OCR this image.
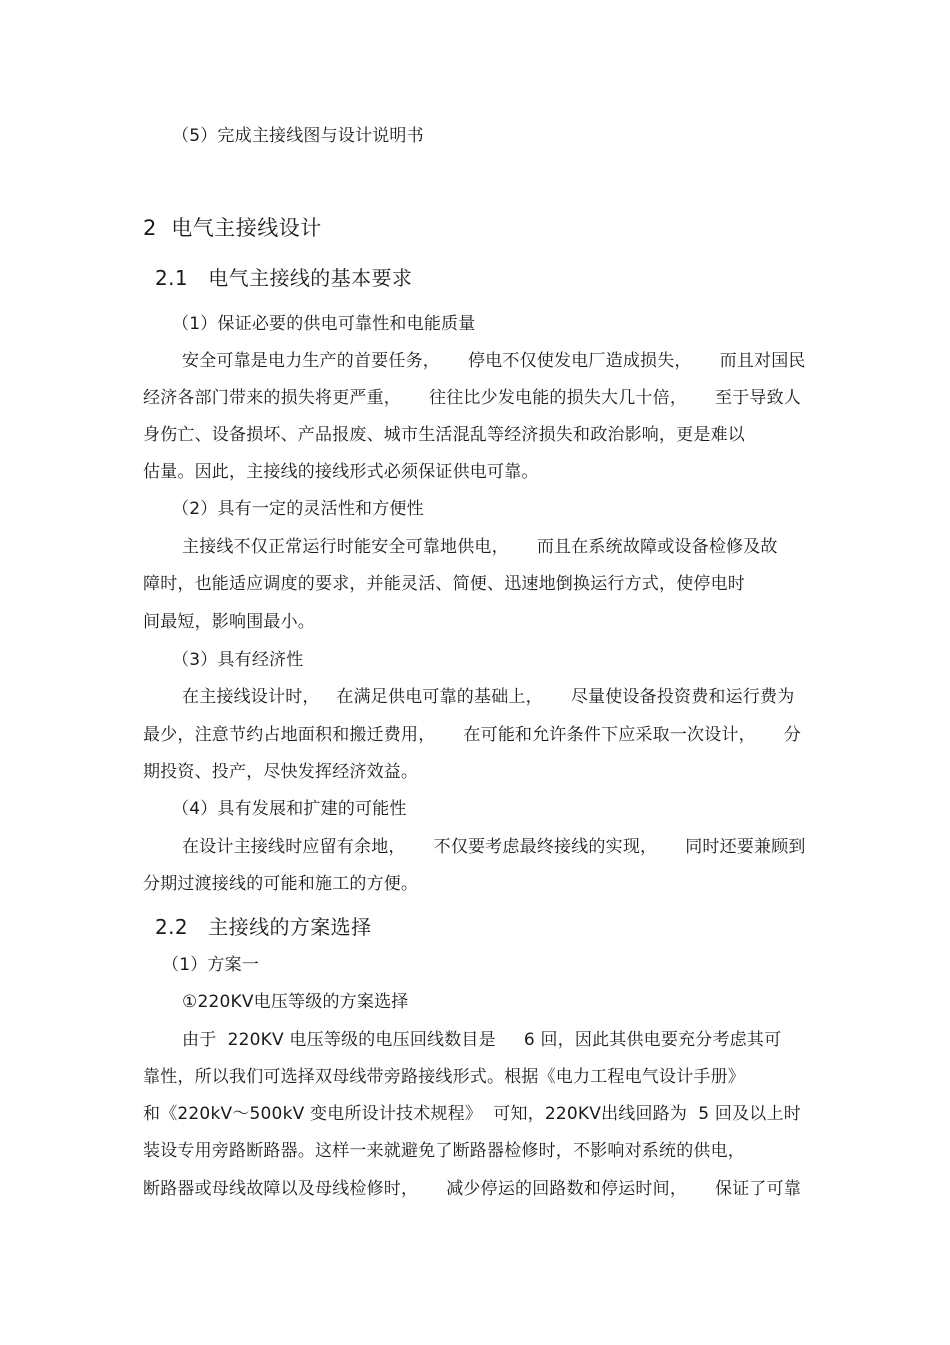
（5）完成主接线图与设计说明书
2  电气主接线设计
2.1   电气主接线的基本要求
（1）保证必要的供电可靠性和电能质量
安全可靠是电力生产的首要任务，     停电不仅使发电厂造成损失，     而且对国民
经济各部门带来的损失将更严重，     往往比少发电能的损失大几十倍，     至于导致人
身伤亡、设备损坏、产品报废、城市生活混乱等经济损失和政治影响，更是难以
估量。因此，主接线的接线形式必须保证供电可靠。
（2）具有一定的灵活性和方便性
主接线不仅正常运行时能安全可靠地供电，     而且在系统故障或设备检修及故
障时，也能适应调度的要求，并能灵活、简便、迅速地倒换运行方式，使停电时
间最短，影响围最小。
（3）具有经济性
在主接线设计时，   在满足供电可靠的基础上，     尽量使设备投资费和运行费为
最少，注意节约占地面积和搬迁费用，     在可能和允许条件下应采取一次设计，     分
期投资、投产，尽快发挥经济效益。
（4）具有发展和扩建的可能性
在设计主接线时应留有余地，     不仅要考虑最终接线的实现，     同时还要兼顾到
分期过渡接线的可能和施工的方便。
2.2   主接线的方案选择
（1）方案一
①220KV电压等级的方案选择
由于  220KV 电压等级的电压回线数目是     6 回，因此其供电要充分考虑其可
靠性，所以我们可选择双母线带旁路接线形式。根据《电力工程电气设计手册》
和《220kV～500kV 变电所设计技术规程》  可知，220KV出线回路为  5 回及以上时
装设专用旁路断路器。这样一来就避免了断路器检修时，不影响对系统的供电，
断路器或母线故障以及母线检修时，     减少停运的回路数和停运时间，     保证了可靠
